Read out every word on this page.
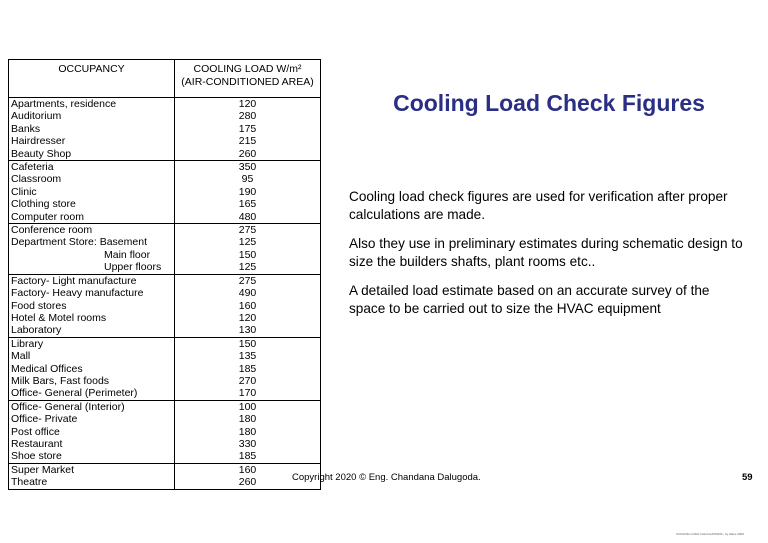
OCCUPANCY	COOLING LOAD W/m²
(AIR-CONDITIONED AREA)
Apartments, residence	120
Auditorium	280
Banks	175
Hairdresser	215
Beauty Shop	260
Cafeteria	350
Classroom	95
Clinic	190
Clothing store	165
Computer room	480
Conference room	275
Department Store: Basement	125
Main floor	150
Upper floors	125
Factory- Light manufacture	275
Factory- Heavy manufacture	490
Food stores	160
Hotel & Motel rooms	120
Laboratory	130
Library	150
Mall	135
Medical Offices	185
Milk Bars, Fast foods	270
Office- General (Perimeter)	170
Office- General (Interior)	100
Office- Private	180
Post office	180
Restaurant	330
Shoe store	185
Super Market	160
Theatre	260
Cooling Load Check Figures

Cooling load check figures are used for verification after proper calculations are made.

Also they use in preliminary estimates during schematic design to size the builders shafts, plant rooms etc..

A detailed load estimate based on an accurate survey of the space to be carried out to size the HVAC equipment

Copyright 2020 © Eng. Chandana Dalugoda.	59
COOLING LOAD CALCULATIONS - by AHLL 2020
